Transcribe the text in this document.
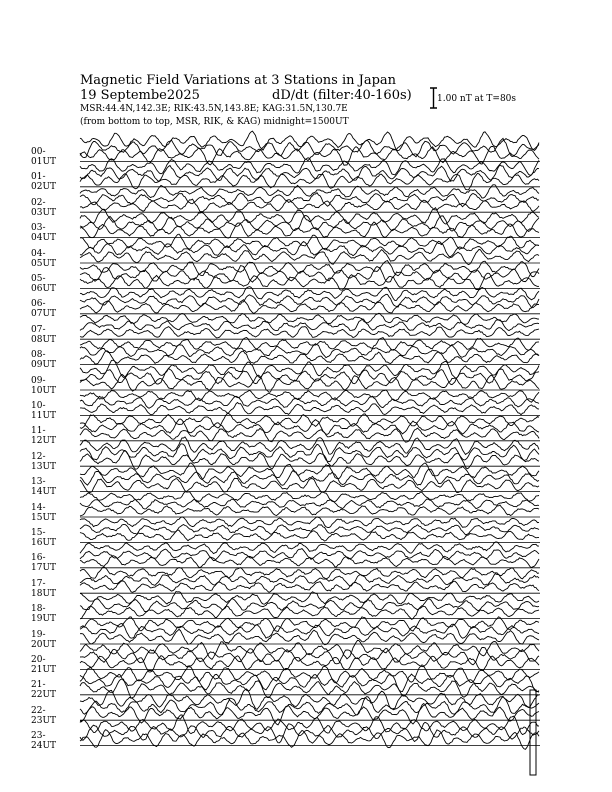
Magnetic Field Variations at 3 Stations in Japan
19 Septembe2025	dD/dt (filter:40-160s)
MSR:44.4N,142.3E; RIK:43.5N,143.8E; KAG:31.5N,130.7E
(from bottom to top, MSR, RIK, & KAG) midnight=1500UT
1.00 nT at T=80s
00-01UT
01-02UT
02-03UT
03-04UT
04-05UT
05-06UT
06-07UT
07-08UT
08-09UT
09-10UT
10-11UT
11-12UT
12-13UT
13-14UT
14-15UT
15-16UT
16-17UT
17-18UT
18-19UT
19-20UT
20-21UT
21-22UT
22-23UT
23-24UT
